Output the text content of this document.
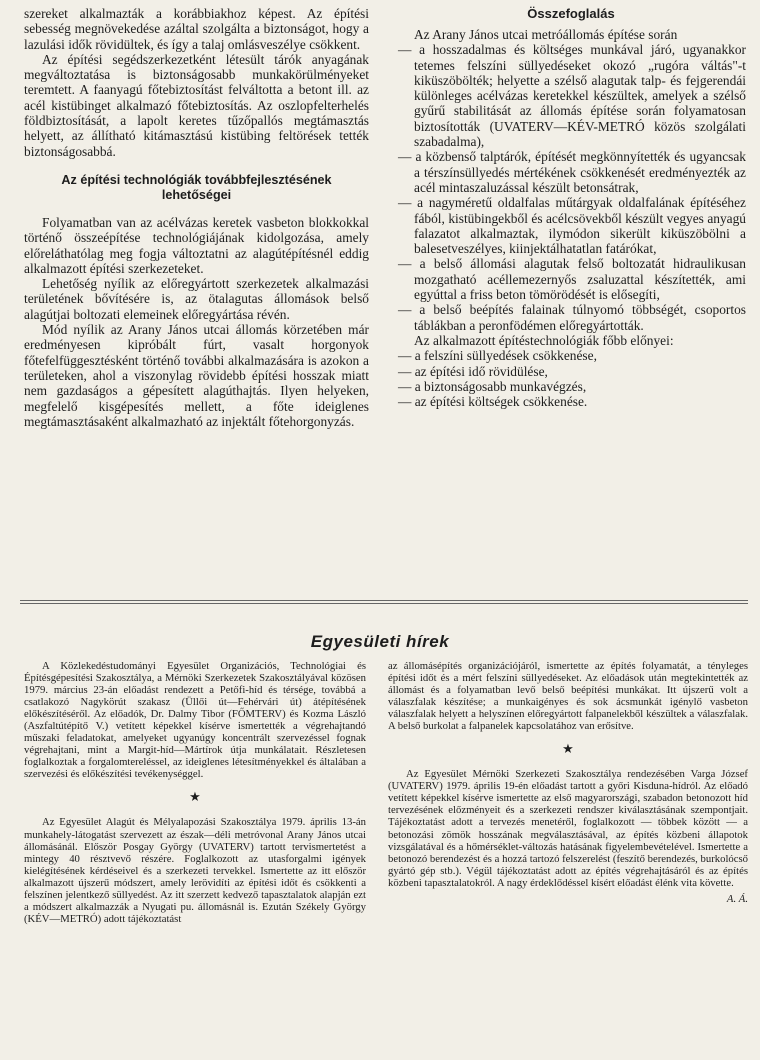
szereket alkalmazták a korábbiakhoz képest. Az építési sebesség megnövekedése azáltal szolgálta a biztonságot, hogy a lazulási idők rövidültek, és így a talaj omlásveszélye csökkent.

Az építési segédszerkezetként létesült tárók anyagának megváltoztatása is biztonságosabb munkakörülményeket teremtett. A faanyagú főtebiztosítást felváltotta a betont ill. az acél kistübinget alkalmazó főtebiztosítás. Az oszlopfelterhelés földbiztosítását, a lapolt keretes tűzőpallós megtámasztás helyett, az állítható kitámasztású kistübing feltörések tették biztonságosabbá.

Az építési technológiák továbbfejlesztésének lehetőségei

Folyamatban van az acélvázas keretek vasbeton blokkokkal történő összeépítése technológiájának kidolgozása, amely előreláthatólag meg fogja változtatni az alagútépítésnél eddig alkalmazott építési szerkezeteket.

Lehetőség nyílik az előregyártott szerkezetek alkalmazási területének bővítésére is, az ötalagutas állomások belső alagútjai boltozati elemeinek előregyártása révén.

Mód nyílik az Arany János utcai állomás körzetében már eredményesen kipróbált fúrt, vasalt horgonyok főtefelfüggesztésként történő további alkalmazására is azokon a területeken, ahol a viszonylag rövidebb építési hosszak miatt nem gazdaságos a gépesített alagúthajtás. Ilyen helyeken, megfelelő kisgépesítés mellett, a főte ideiglenes megtámasztásaként alkalmazható az injektált főtehorgonyzás.

Összefoglalás

Az Arany János utcai metróállomás építése során

— a hosszadalmas és költséges munkával járó, ugyanakkor tetemes felszíni süllyedéseket okozó „rugóra váltás"-t kiküszöbölték; helyette a szélső alagutak talp- és fejgerendái különleges acélvázas keretekkel készültek, amelyek a szélső gyűrű stabilitását az állomás építése során folyamatosan biztosították (UVATERV—KÉV-METRÓ közös szolgálati szabadalma),

— a közbenső talptárók, építését megkönnyítették és ugyancsak a térszínsüllyedés mértékének csökkenését eredményezték az acél mintaszaluzással készült betonsátrak,

— a nagyméretű oldalfalas műtárgyak oldalfalának építéséhez fából, kistübingekből és acélcsövekből készült vegyes anyagú falazatot alkalmaztak, ilymódon sikerült kiküszöbölni a balesetveszélyes, kiinjektálhatatlan fatárókat,

— a belső állomási alagutak felső boltozatát hidraulikusan mozgatható acéllemezernyős zsaluzattal készítették, ami egyúttal a friss beton tömörödését is elősegíti,

— a belső beépítés falainak túlnyomó többségét, csoportos táblákban a peronfödémen előregyártották.

Az alkalmazott építéstechnológiák főbb előnyei:

— a felszíni süllyedések csökkenése,

— az építési idő rövidülése,

— a biztonságosabb munkavégzés,

— az építési költségek csökkenése.

Egyesületi hírek

A Közlekedéstudományi Egyesület Organizációs, Technológiai és Építésgépesítési Szakosztálya, a Mérnöki Szerkezetek Szakosztályával közösen 1979. március 23-án előadást rendezett a Petőfi-híd és térsége, továbbá a csatlakozó Nagykörút szakasz (Üllői út—Fehérvári út) átépítésének előkészítéséről. Az előadók, Dr. Dalmy Tibor (FŐMTERV) és Kozma László (Aszfaltútépítő V.) vetített képekkel kísérve ismertették a végrehajtandó műszaki feladatokat, amelyeket ugyanúgy koncentrált szervezéssel fognak végrehajtani, mint a Margit-híd—Mártírok útja munkálatait. Részletesen foglalkoztak a forgalomtereléssel, az ideiglenes létesítményekkel és általában a szervezési és előkészítési tevékenységgel.

★

Az Egyesület Alagút és Mélyalapozási Szakosztálya 1979. április 13-án munkahely-látogatást szervezett az észak—déli metróvonal Arany János utcai állomásánál. Először Posgay György (UVATERV) tartott tervismertetést a mintegy 40 résztvevő részére. Foglalkozott az utasforgalmi igények kielégítésének kérdéseivel és a szerkezeti tervekkel. Ismertette az itt először alkalmazott újszerű módszert, amely lerövidíti az építési időt és csökkenti a felszínen jelentkező süllyedést. Az itt szerzett kedvező tapasztalatok alapján ezt a módszert alkalmazzák a Nyugati pu. állomásnál is. Ezután Székely György (KÉV—METRÓ) adott tájékoztatást

az állomásépítés organizációjáról, ismertette az építés folyamatát, a tényleges építési időt és a mért felszíni süllyedéseket. Az előadások után megtekintették az állomást és a folyamatban levő belső beépítési munkákat. Itt újszerű volt a válaszfalak készítése; a munkaigényes és sok ácsmunkát igénylő vasbeton válaszfalak helyett a helyszínen előregyártott falpanelekből készültek a válaszfalak. A belső burkolat a falpanelek kapcsolatához van erősítve.

★

Az Egyesület Mérnöki Szerkezeti Szakosztálya rendezésében Varga József (UVATERV) 1979. április 19-én előadást tartott a győri Kisduna-hídról. Az előadó vetített képekkel kísérve ismertette az első magyarországi, szabadon betonozott híd tervezésének előzményeit és a szerkezeti rendszer kiválasztásának szempontjait. Tájékoztatást adott a tervezés menetéről, foglalkozott — többek között — a betonozási zömök hosszának megválasztásával, az építés közbeni állapotok vizsgálatával és a hőmérséklet-változás hatásának figyelembevételével. Ismertette a betonozó berendezést és a hozzá tartozó felszerelést (feszítő berendezés, burkolócső gyártó gép stb.). Végül tájékoztatást adott az építés végrehajtásáról és az építés közbeni tapasztalatokról. A nagy érdeklődéssel kísért előadást élénk vita követte.

A. Á.
